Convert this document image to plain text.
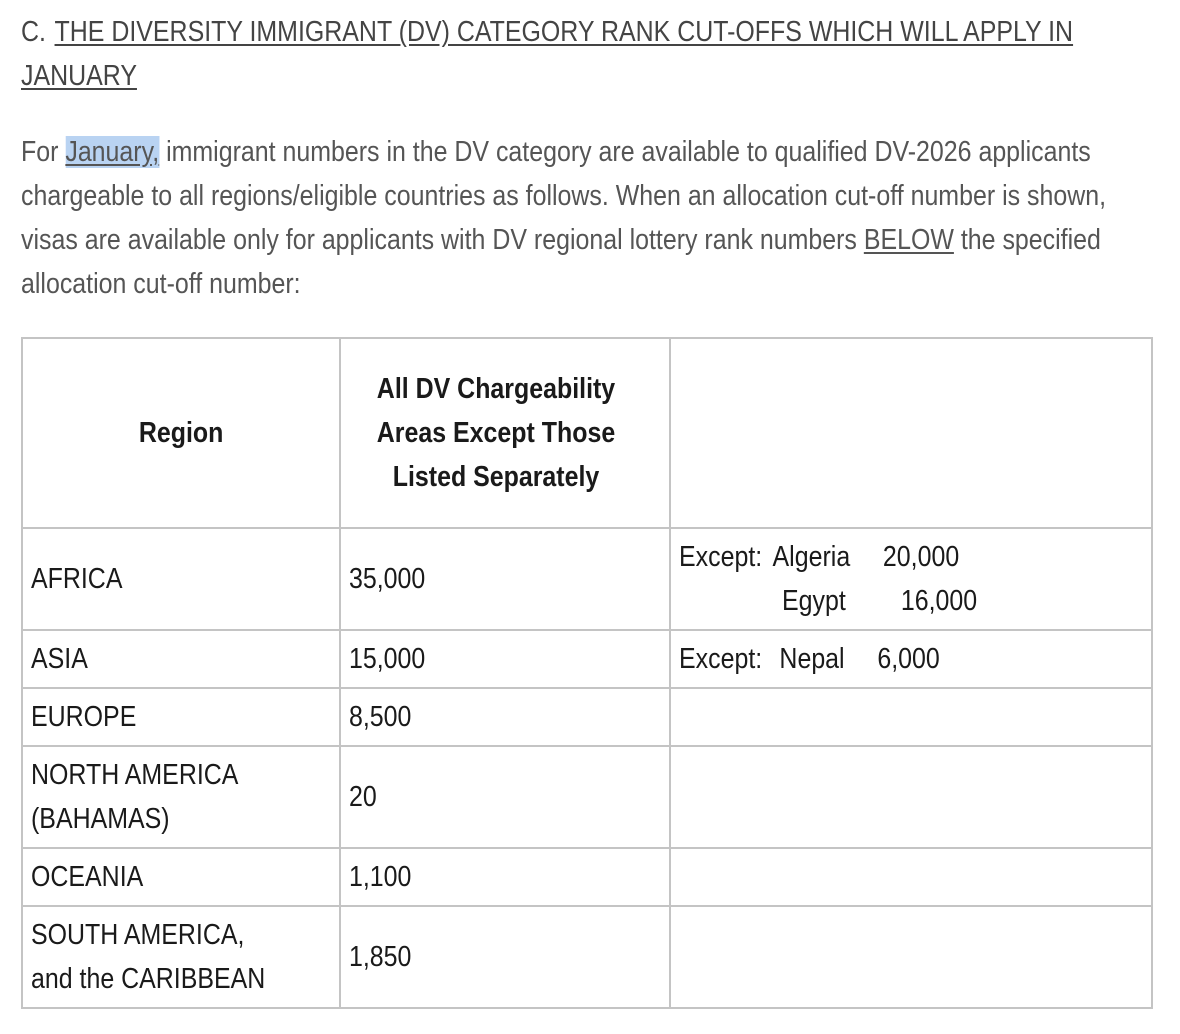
C. THE DIVERSITY IMMIGRANT (DV) CATEGORY RANK CUT-OFFS WHICH WILL APPLY IN JANUARY

For January, immigrant numbers in the DV category are available to qualified DV-2026 applicants chargeable to all regions/eligible countries as follows. When an allocation cut-off number is shown, visas are available only for applicants with DV regional lottery rank numbers BELOW the specified allocation cut-off number:

Region	All DV Chargeability Areas Except Those Listed Separately	

AFRICA	35,000	Except: Algeria 20,000
Egypt 16,000

ASIA	15,000	Except: Nepal 6,000

EUROPE	8,500	

NORTH AMERICA (BAHAMAS)	20	
OCEANIA	1,100	

SOUTH AMERICA, and the CARIBBEAN	1,850	
